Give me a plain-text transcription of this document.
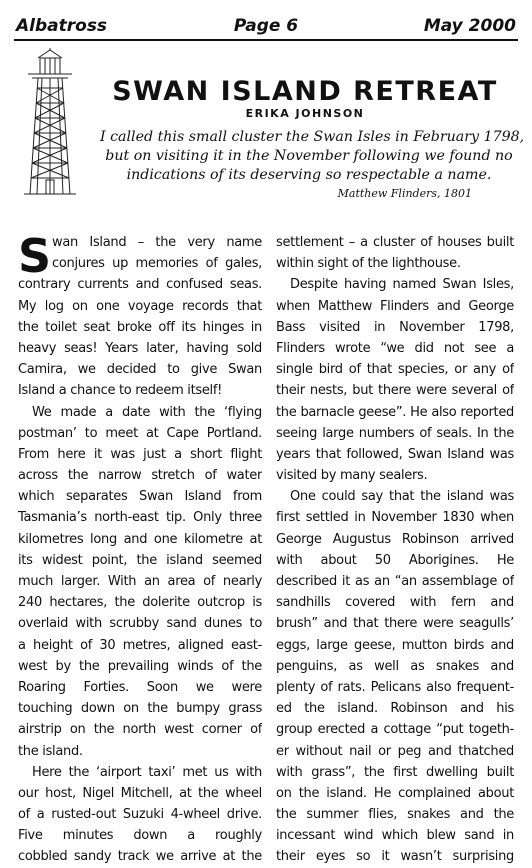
Albatross	Page 6	May 2000
SWAN ISLAND RETREAT
ERIKA JOHNSON
I called this small cluster the Swan Isles in February 1798,
but on visiting it in the November following we found no
indications of its deserving so respectable a name.
Matthew Flinders, 1801
S wan Island – the very name
conjures up memories of gales,
contrary currents and confused seas.
My log on one voyage records that
the toilet seat broke off its hinges in
heavy seas! Years later, having sold
Camira, we decided to give Swan
Island a chance to redeem itself!
We made a date with the ‘flying
postman’ to meet at Cape Portland.
From here it was just a short flight
across the narrow stretch of water
which separates Swan Island from
Tasmania’s north-east tip. Only three
kilometres long and one kilometre at
its widest point, the island seemed
much larger. With an area of nearly
240 hectares, the dolerite outcrop is
overlaid with scrubby sand dunes to
a height of 30 metres, aligned east-
west by the prevailing winds of the
Roaring Forties. Soon we were
touching down on the bumpy grass
airstrip on the north west corner of
the island.
Here the ‘airport taxi’ met us with
our host, Nigel Mitchell, at the wheel
of a rusted-out Suzuki 4-wheel drive.
Five minutes down a roughly
cobbled sandy track we arrive at the
settlement – a cluster of houses built
within sight of the lighthouse.
Despite having named Swan Isles,
when Matthew Flinders and George
Bass visited in November 1798,
Flinders wrote “we did not see a
single bird of that species, or any of
their nests, but there were several of
the barnacle geese”. He also reported
seeing large numbers of seals. In the
years that followed, Swan Island was
visited by many sealers.
One could say that the island was
first settled in November 1830 when
George Augustus Robinson arrived
with about 50 Aborigines. He
described it as an “an assemblage of
sandhills covered with fern and
brush” and that there were seagulls’
eggs, large geese, mutton birds and
penguins, as well as snakes and
plenty of rats. Pelicans also frequent-
ed the island. Robinson and his
group erected a cottage “put togeth-
er without nail or peg and thatched
with grass”, the first dwelling built
on the island. He complained about
the summer flies, snakes and the
incessant wind which blew sand in
their eyes so it wasn’t surprising
